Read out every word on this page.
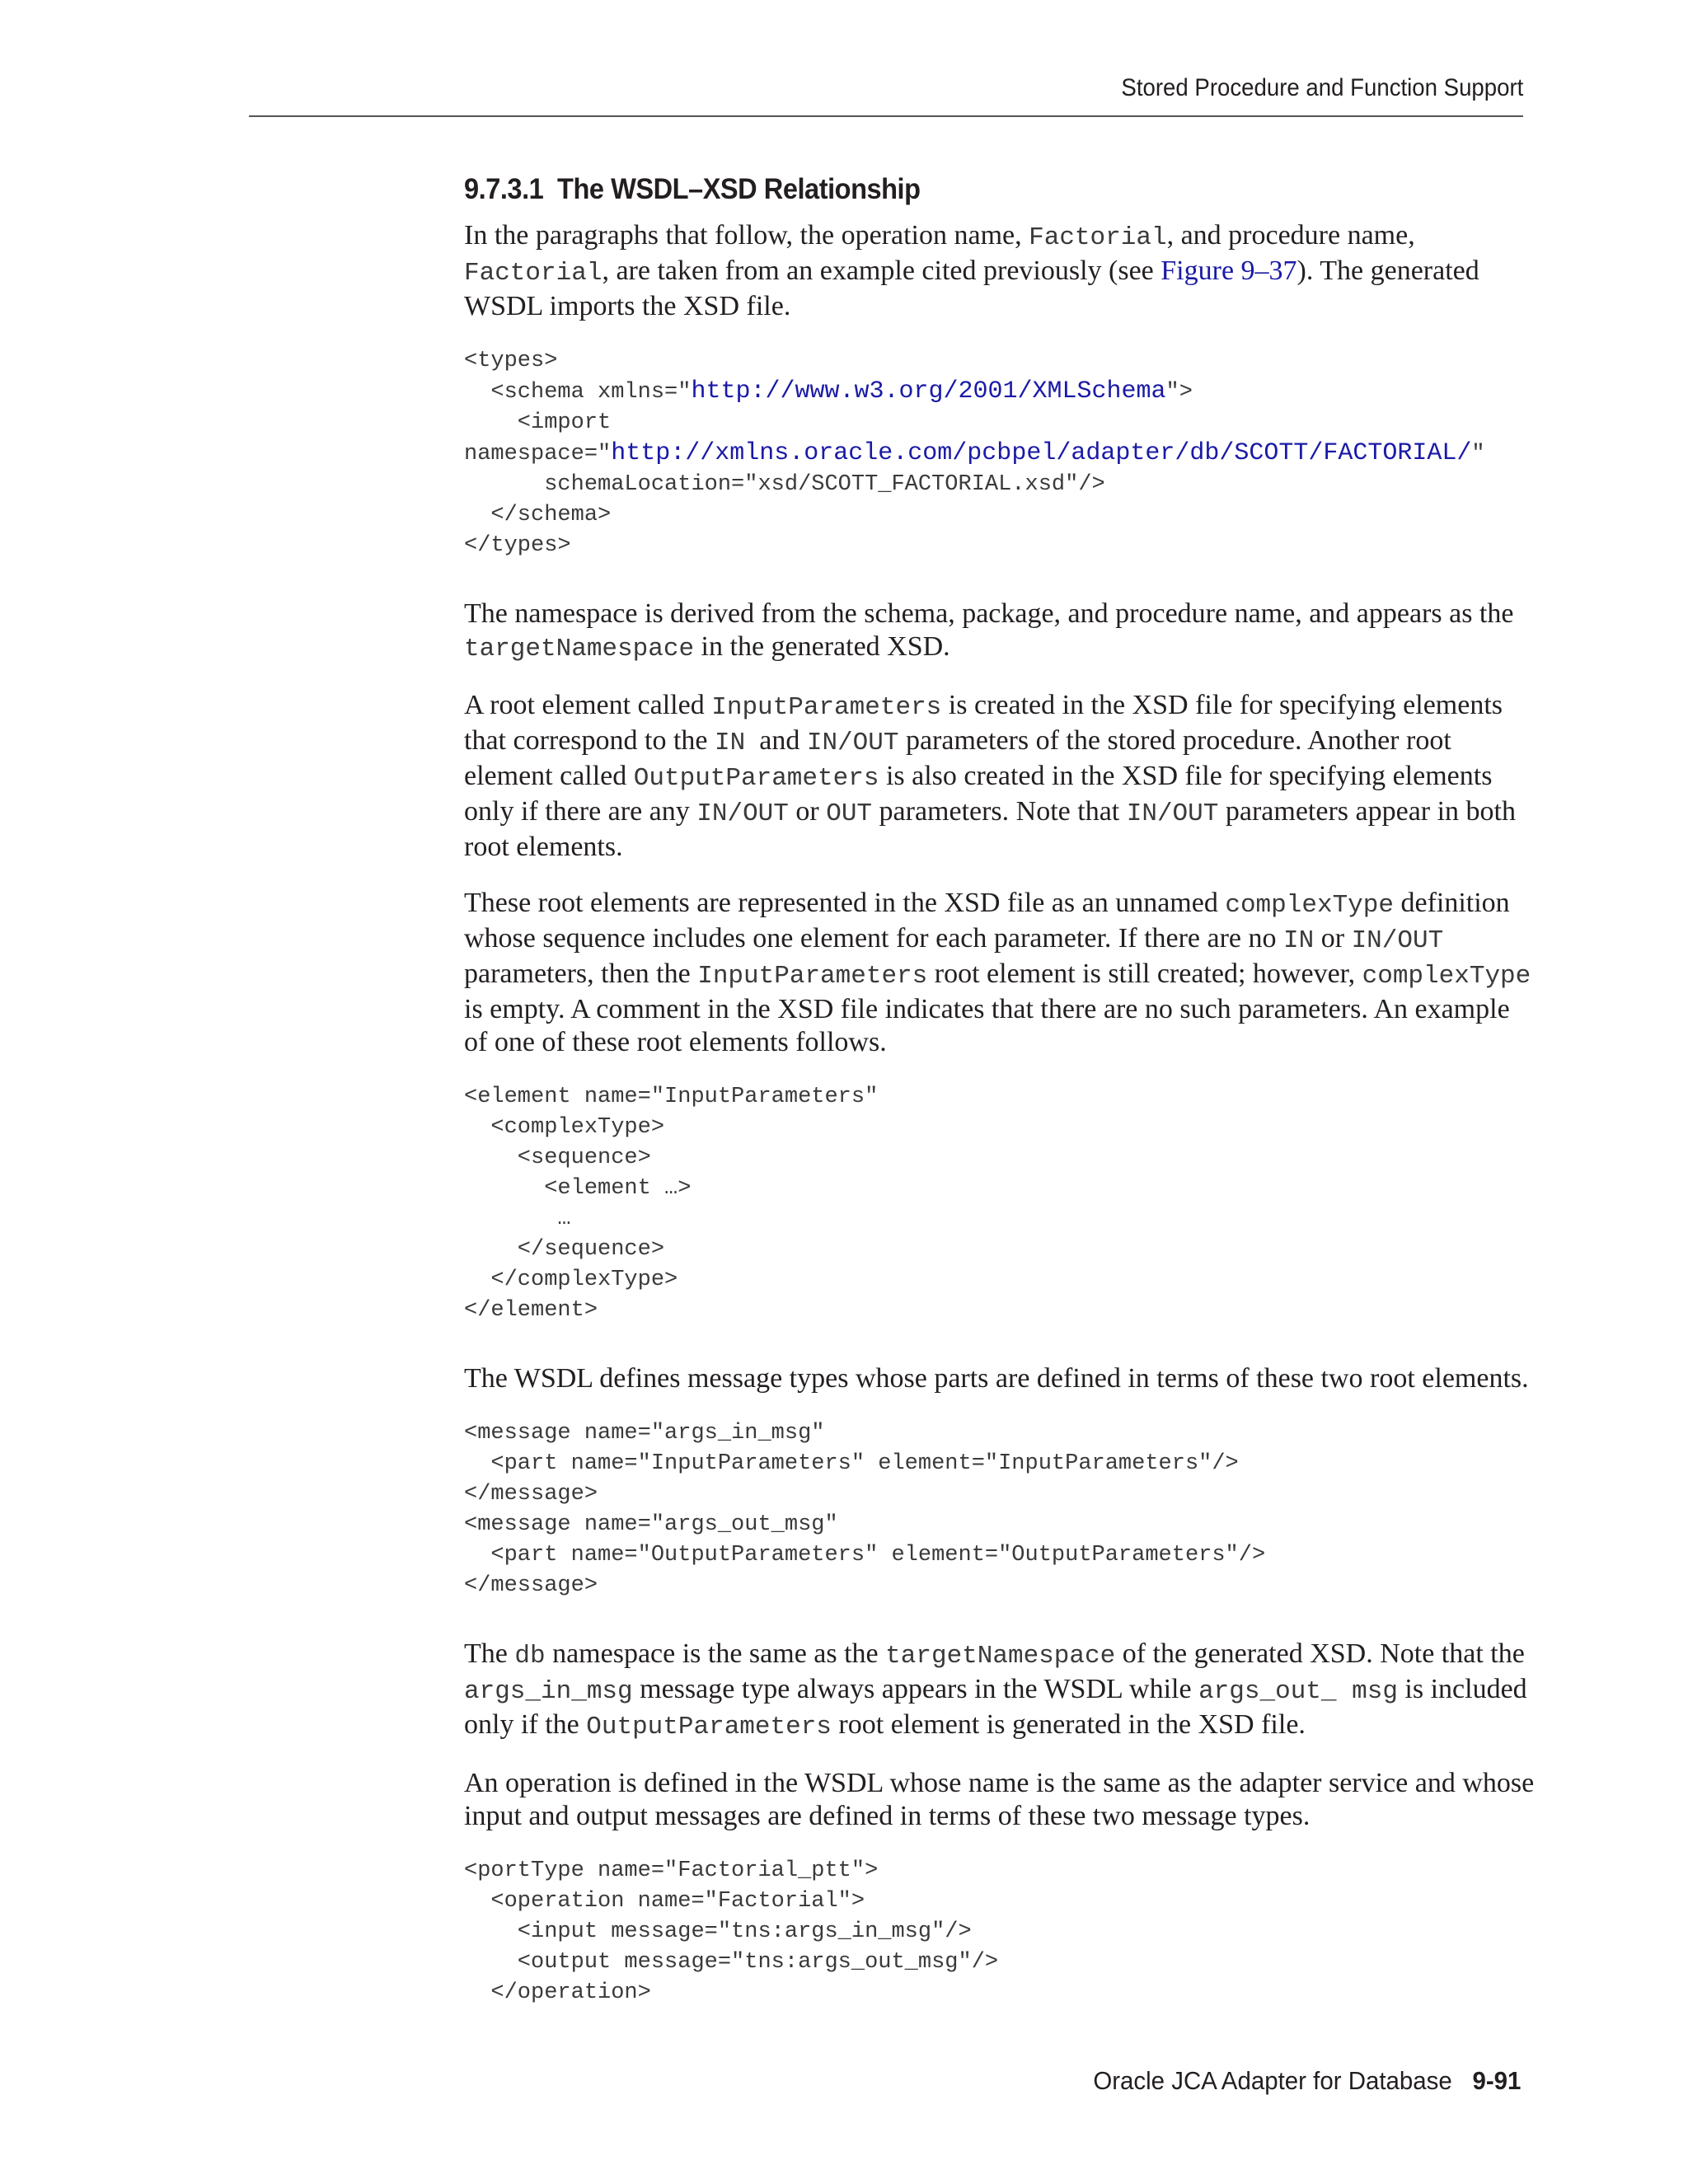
Stored Procedure and Function Support
9.7.3.1 The WSDL–XSD Relationship

In the paragraphs that follow, the operation name, Factorial, and procedure name, Factorial, are taken from an example cited previously (see Figure 9–37). The generated WSDL imports the XSD file.

<types>
<schema xmlns="http://www.w3.org/2001/XMLSchema">
<import
namespace="http://xmlns.oracle.com/pcbpel/adapter/db/SCOTT/FACTORIAL/"
schemaLocation="xsd/SCOTT_FACTORIAL.xsd"/>
</schema>
</types>

The namespace is derived from the schema, package, and procedure name, and appears as the targetNamespace in the generated XSD.

A root element called InputParameters is created in the XSD file for specifying elements that correspond to the IN  and IN/OUT parameters of the stored procedure. Another root element called OutputParameters is also created in the XSD file for specifying elements only if there are any IN/OUT or OUT parameters. Note that IN/OUT parameters appear in both root elements.

These root elements are represented in the XSD file as an unnamed complexType definition whose sequence includes one element for each parameter. If there are no IN or IN/OUT parameters, then the InputParameters root element is still created; however, complexType is empty. A comment in the XSD file indicates that there are no such parameters. An example of one of these root elements follows.

<element name="InputParameters"
<complexType>
<sequence>
<element …>
…
</sequence>
</complexType>
</element>

The WSDL defines message types whose parts are defined in terms of these two root elements.

<message name="args_in_msg"
<part name="InputParameters" element="InputParameters"/>
</message>
<message name="args_out_msg"
<part name="OutputParameters" element="OutputParameters"/>
</message>

The db namespace is the same as the targetNamespace of the generated XSD. Note that the args_in_msg message type always appears in the WSDL while args_out_ msg is included only if the OutputParameters root element is generated in the XSD file.

An operation is defined in the WSDL whose name is the same as the adapter service and whose input and output messages are defined in terms of these two message types.

<portType name="Factorial_ptt">
<operation name="Factorial">
<input message="tns:args_in_msg"/>
<output message="tns:args_out_msg"/>
</operation>
Oracle JCA Adapter for Database 9-91
